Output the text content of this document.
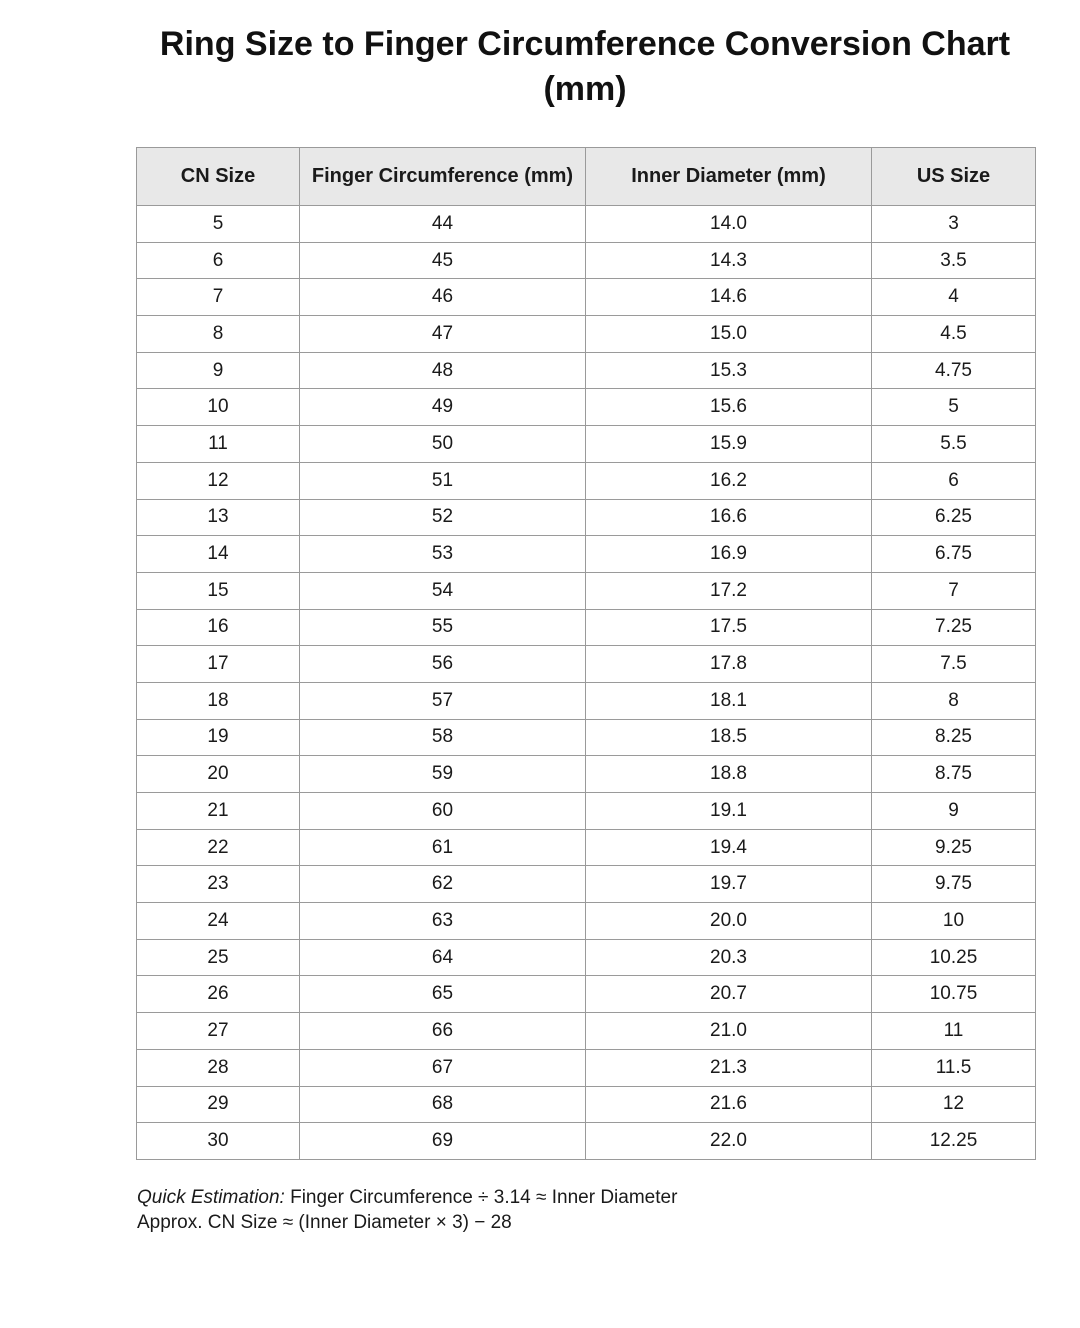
Ring Size to Finger Circumference Conversion Chart (mm)
CN Size	Finger Circumference (mm)	Inner Diameter (mm)	US Size
5	44	14.0	3
6	45	14.3	3.5
7	46	14.6	4
8	47	15.0	4.5
9	48	15.3	4.75
10	49	15.6	5
11	50	15.9	5.5
12	51	16.2	6
13	52	16.6	6.25
14	53	16.9	6.75
15	54	17.2	7
16	55	17.5	7.25
17	56	17.8	7.5
18	57	18.1	8
19	58	18.5	8.25
20	59	18.8	8.75
21	60	19.1	9
22	61	19.4	9.25
23	62	19.7	9.75
24	63	20.0	10
25	64	20.3	10.25
26	65	20.7	10.75
27	66	21.0	11
28	67	21.3	11.5
29	68	21.6	12
30	69	22.0	12.25
Quick Estimation: Finger Circumference ÷ 3.14 ≈ Inner Diameter
Approx. CN Size ≈ (Inner Diameter × 3) − 28
